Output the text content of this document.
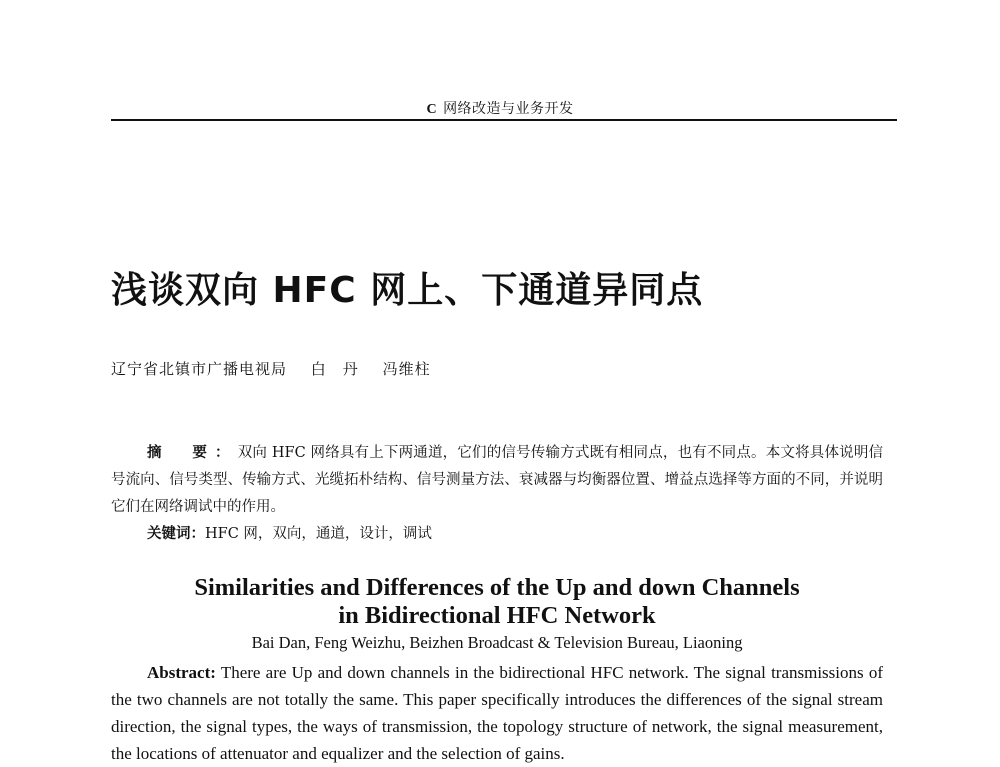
C 网络改造与业务开发
浅谈双向 HFC 网上、下通道异同点
辽宁省北镇市广播电视局 白　丹 冯维柱
摘　要：双向 HFC 网络具有上下两通道，它们的信号传输方式既有相同点，也有不同点。本文将具体说明信号流向、信号类型、传输方式、光缆拓朴结构、信号测量方法、衰减器与均衡器位置、增益点选择等方面的不同，并说明它们在网络调试中的作用。
关键词：HFC 网，双向，通道，设计，调试
Similarities and Differences of the Up and down Channels
in Bidirectional HFC Network
Bai Dan, Feng Weizhu, Beizhen Broadcast & Television Bureau, Liaoning

Abstract: There are Up and down channels in the bidirectional HFC network. The signal transmissions of the two channels are not totally the same. This paper specifically introduces the differences of the signal stream direction, the signal types, the ways of transmission, the topology structure of network, the signal measurement, the locations of attenuator and equalizer and the selection of gains.
